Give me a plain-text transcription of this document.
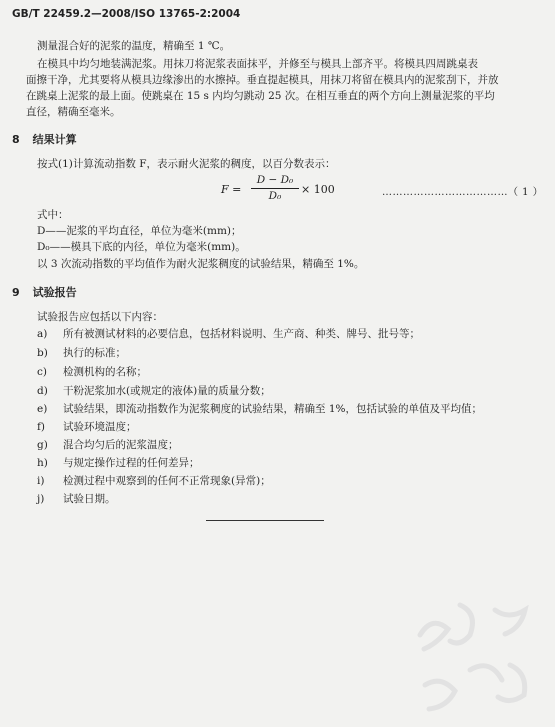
GB/T 22459.2—2008/ISO 13765-2:2004
测量混合好的泥浆的温度，精确至 1 ℃。
在模具中均匀地装满泥浆。用抹刀将泥浆表面抹平，并修至与模具上部齐平。将模具四周跳桌表
面擦干净，尤其要将从模具边缘渗出的水擦掉。垂直提起模具，用抹刀将留在模具内的泥浆刮下，并放
在跳桌上泥浆的最上面。使跳桌在 15 s 内均匀跳动 25 次。在相互垂直的两个方向上测量泥浆的平均
直径，精确至毫米。
8 结果计算
按式(1)计算流动指数 F，表示耐火泥浆的稠度，以百分数表示：
F =
D − D₀
D₀	× 100	………………………………（ 1 ）
式中：
D——泥浆的平均直径，单位为毫米(mm)；
D₀——模具下底的内径，单位为毫米(mm)。
以 3 次流动指数的平均值作为耐火泥浆稠度的试验结果，精确至 1%。
9 试验报告
试验报告应包括以下内容：
a) 所有被测试材料的必要信息，包括材料说明、生产商、种类、牌号、批号等；
b) 执行的标准；
c) 检测机构的名称；
d) 干粉泥浆加水(或规定的液体)量的质量分数；
e) 试验结果，即流动指数作为泥浆稠度的试验结果，精确至 1%，包括试验的单值及平均值；
f) 试验环境温度；
g) 混合均匀后的泥浆温度；
h) 与规定操作过程的任何差异；
i) 检测过程中观察到的任何不正常现象(异常)；
j) 试验日期。
